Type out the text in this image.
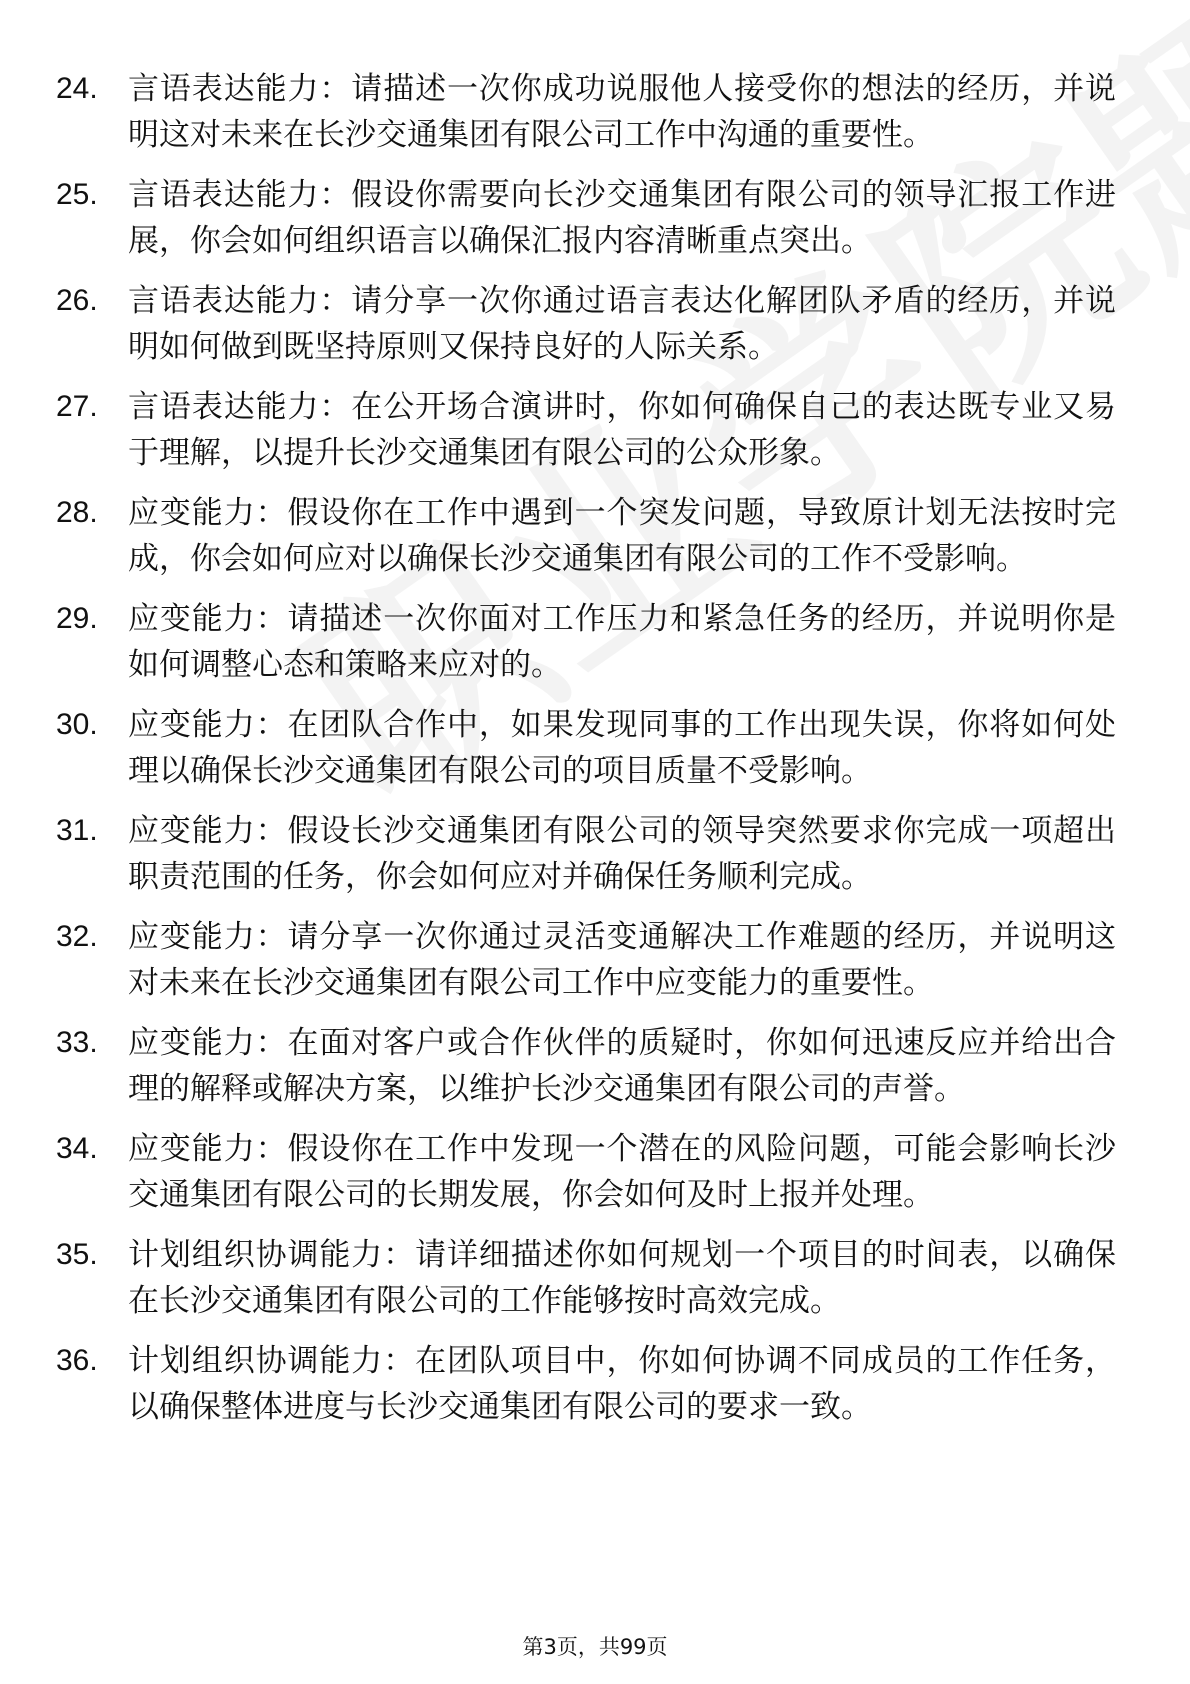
24. 言语表达能力：请描述一次你成功说服他人接受你的想法的经历，并说明这对未来在长沙交通集团有限公司工作中沟通的重要性。
25. 言语表达能力：假设你需要向长沙交通集团有限公司的领导汇报工作进展，你会如何组织语言以确保汇报内容清晰重点突出。
26. 言语表达能力：请分享一次你通过语言表达化解团队矛盾的经历，并说明如何做到既坚持原则又保持良好的人际关系。
27. 言语表达能力：在公开场合演讲时，你如何确保自己的表达既专业又易于理解，以提升长沙交通集团有限公司的公众形象。
28. 应变能力：假设你在工作中遇到一个突发问题，导致原计划无法按时完成，你会如何应对以确保长沙交通集团有限公司的工作不受影响。
29. 应变能力：请描述一次你面对工作压力和紧急任务的经历，并说明你是如何调整心态和策略来应对的。
30. 应变能力：在团队合作中，如果发现同事的工作出现失误，你将如何处理以确保长沙交通集团有限公司的项目质量不受影响。
31. 应变能力：假设长沙交通集团有限公司的领导突然要求你完成一项超出职责范围的任务，你会如何应对并确保任务顺利完成。
32. 应变能力：请分享一次你通过灵活变通解决工作难题的经历，并说明这对未来在长沙交通集团有限公司工作中应变能力的重要性。
33. 应变能力：在面对客户或合作伙伴的质疑时，你如何迅速反应并给出合理的解释或解决方案，以维护长沙交通集团有限公司的声誉。
34. 应变能力：假设你在工作中发现一个潜在的风险问题，可能会影响长沙交通集团有限公司的长期发展，你会如何及时上报并处理。
35. 计划组织协调能力：请详细描述你如何规划一个项目的时间表，以确保在长沙交通集团有限公司的工作能够按时高效完成。
36. 计划组织协调能力：在团队项目中，你如何协调不同成员的工作任务，以确保整体进度与长沙交通集团有限公司的要求一致。
第3页，共99页
